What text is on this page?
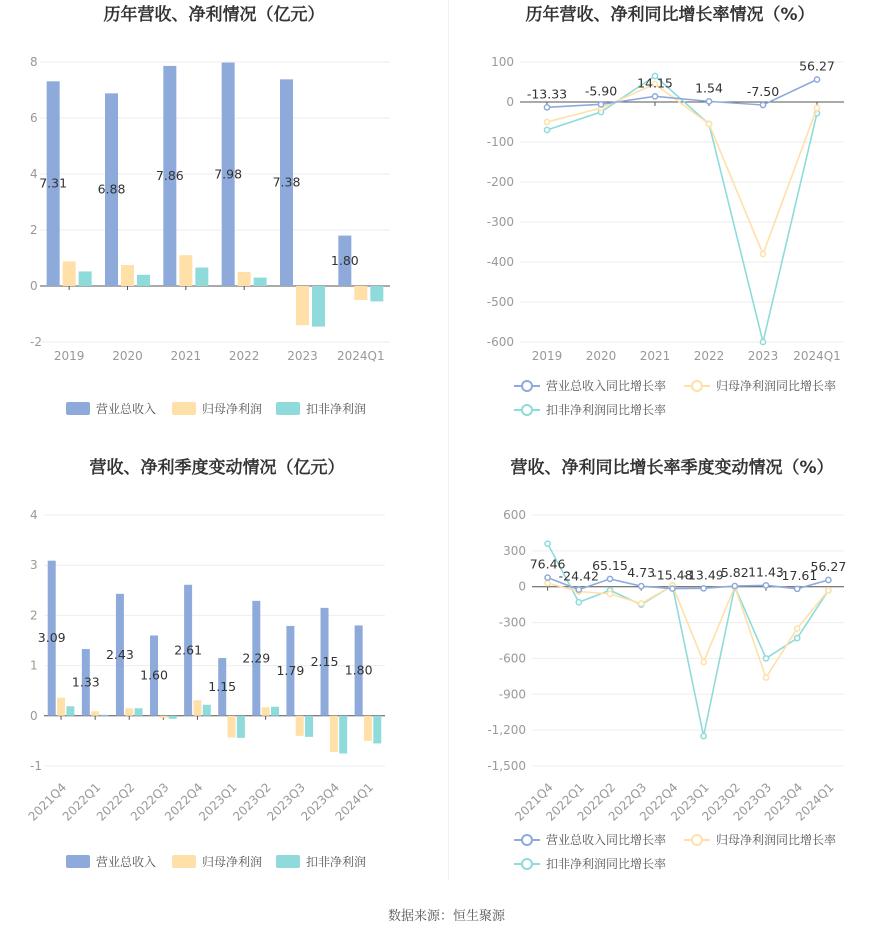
历年营收、净利情况（亿元）
-2
0
2
4
6
8
2019 2020 2021 2022 2023 2024Q1
7.31 6.88
7.86 7.98
7.38
1.80
营业总收入	归母净利润	扣非净利润
历年营收、净利同比增长率情况（%）
-600
-500
-400
-300
-200
-100
0
100
2019 2020 2021 2022 2023 2024Q1
-13.33 -5.90
14.15 1.54 -7.50
56.27
营业总收入同比增长率	归母净利润同比增长率
扣非净利润同比增长率
营收、净利季度变动情况（亿元）
-1
0
1
2
3
4
2021Q4
2022Q1
2022Q2
2022Q3
2022Q4
2023Q1
2023Q2
2023Q3
2023Q4
2024Q1
3.09
1.33
2.43
1.60
2.61
1.15
2.29
1.79
2.15
1.80
营业总收入	归母净利润	扣非净利润
营收、净利同比增长率季度变动情况（%）
-1,500
-1,200
-900
-600
-300
0
300
600
2021Q4
2022Q1
2022Q2
2022Q3
2022Q4
2023Q1
2023Q2
2023Q3
2023Q4
2024Q1
76.46
-24.42
65.15 4.73
-15.48
-13.49
5.82 11.43
-17.61
56.27
营业总收入同比增长率	归母净利润同比增长率
扣非净利润同比增长率
数据来源：恒生聚源
